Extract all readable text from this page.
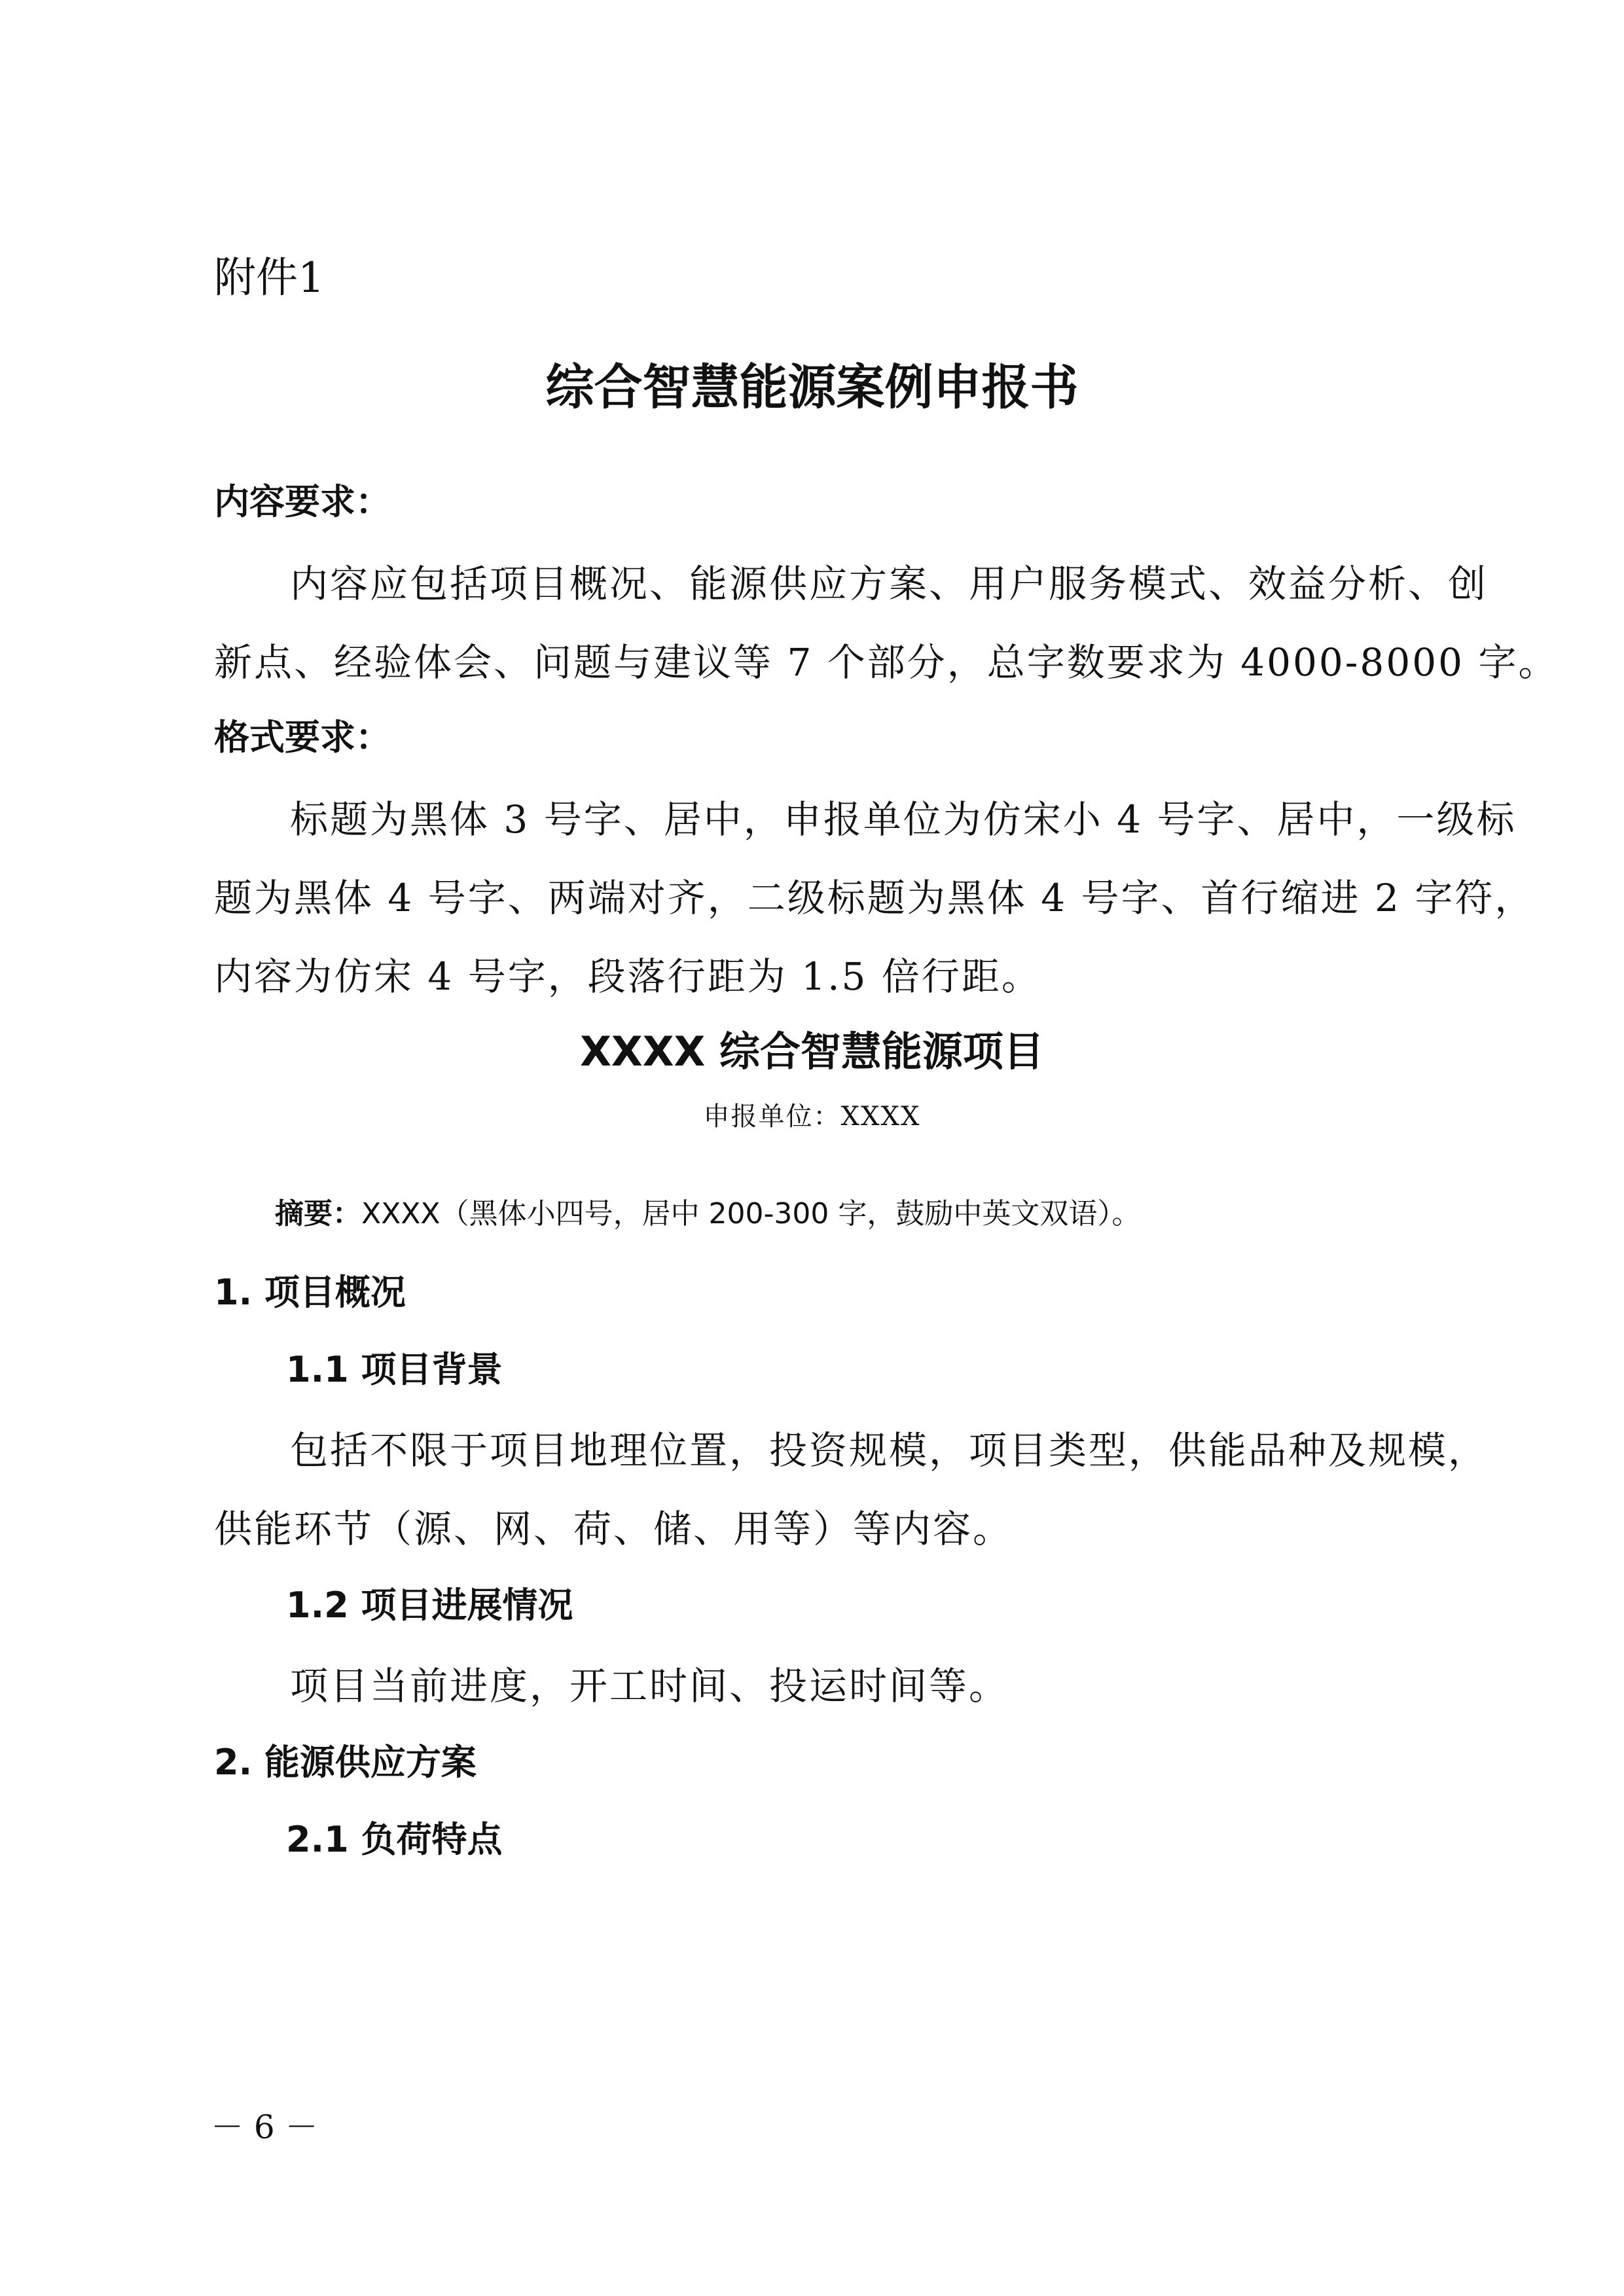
附件1

综合智慧能源案例申报书

内容要求：

内容应包括项目概况、能源供应方案、用户服务模式、效益分析、创

新点、经验体会、问题与建议等 7 个部分，总字数要求为 4000-8000 字。

格式要求：

标题为黑体 3 号字、居中，申报单位为仿宋小 4 号字、居中，一级标

题为黑体 4 号字、两端对齐，二级标题为黑体 4 号字、首行缩进 2 字符，

内容为仿宋 4 号字，段落行距为 1.5 倍行距。

XXXX 综合智慧能源项目

申报单位：XXXX

摘要：XXXX（黑体小四号，居中 200-300 字，鼓励中英文双语）。

1. 项目概况

1.1 项目背景

包括不限于项目地理位置，投资规模，项目类型，供能品种及规模，

供能环节（源、网、荷、储、用等）等内容。

1.2 项目进展情况

项目当前进度，开工时间、投运时间等。

2. 能源供应方案

2.1 负荷特点

－ 6 －
